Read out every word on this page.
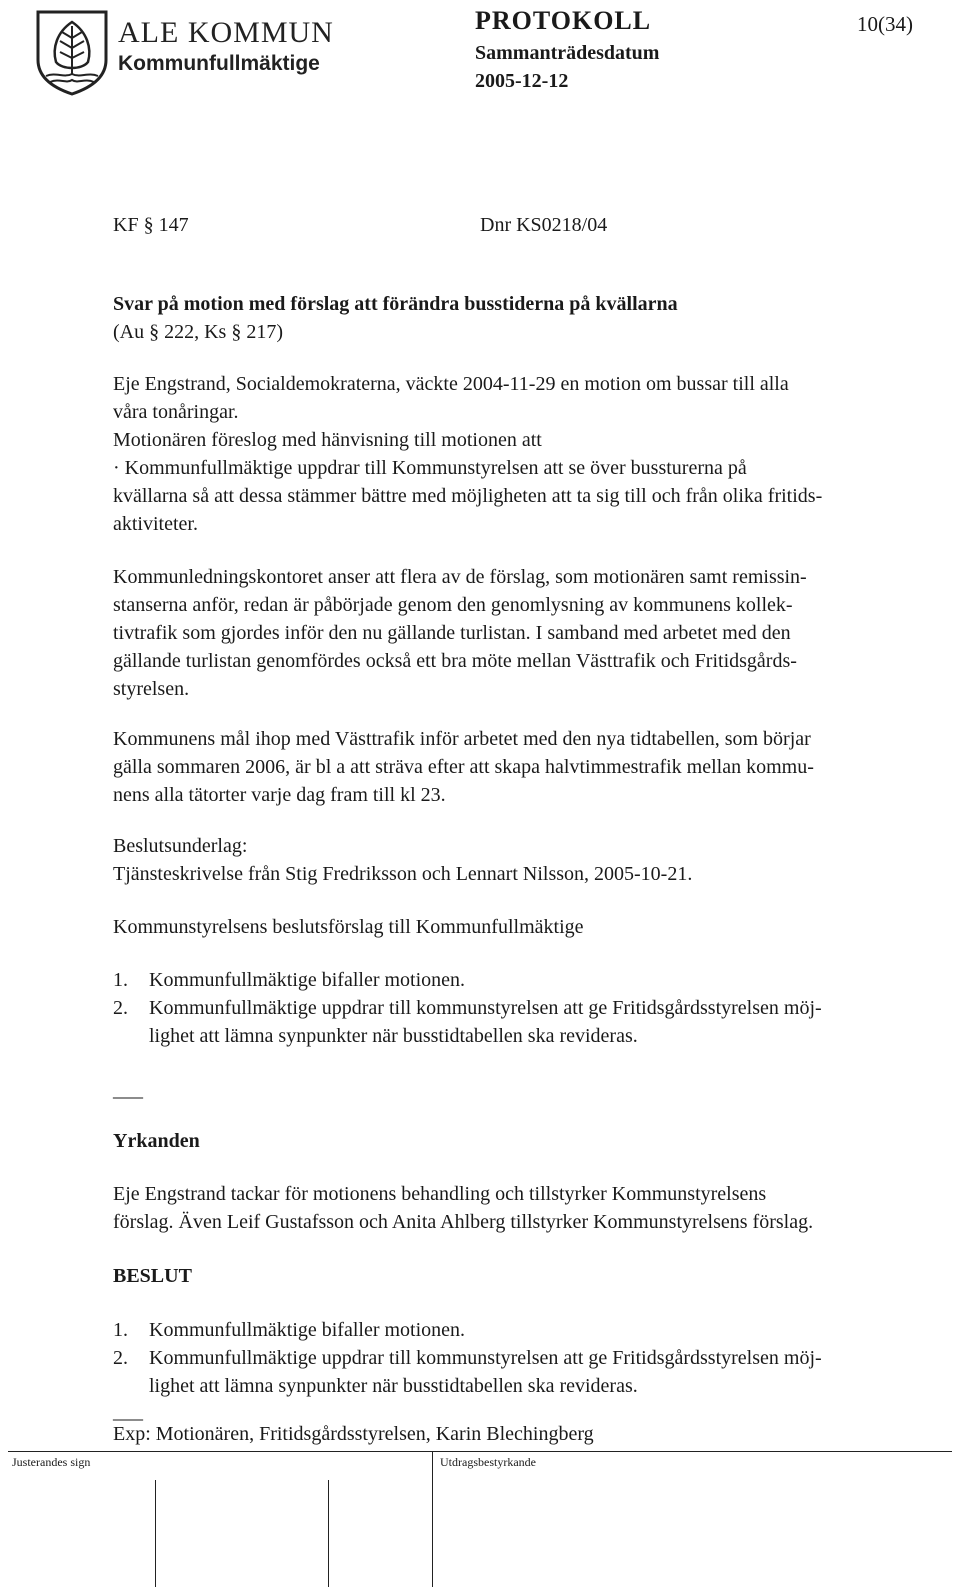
ALE KOMMUN
Kommunfullmäktige
PROTOKOLL	10(34)
Sammanträdesdatum
2005-12-12
KF § 147	Dnr KS0218/04
Svar på motion med förslag att förändra busstiderna på kvällarna
(Au § 222, Ks § 217)
Eje Engstrand, Socialdemokraterna, väckte 2004-11-29 en motion om bussar till alla
våra tonåringar.
Motionären föreslog med hänvisning till motionen att
· Kommunfullmäktige uppdrar till Kommunstyrelsen att se över bussturerna på
kvällarna så att dessa stämmer bättre med möjligheten att ta sig till och från olika fritids-
aktiviteter.
Kommunledningskontoret anser att flera av de förslag, som motionären samt remissin-
stanserna anför, redan är påbörjade genom den genomlysning av kommunens kollek-
tivtrafik som gjordes inför den nu gällande turlistan. I samband med arbetet med den
gällande turlistan genomfördes också ett bra möte mellan Västtrafik och Fritidsgårds-
styrelsen.
Kommunens mål ihop med Västtrafik inför arbetet med den nya tidtabellen, som börjar
gälla sommaren 2006, är bl a att sträva efter att skapa halvtimmestrafik mellan kommu-
nens alla tätorter varje dag fram till kl 23.
Beslutsunderlag:
Tjänsteskrivelse från Stig Fredriksson och Lennart Nilsson, 2005-10-21.
Kommunstyrelsens beslutsförslag till Kommunfullmäktige
1. Kommunfullmäktige bifaller motionen.
2. Kommunfullmäktige uppdrar till kommunstyrelsen att ge Fritidsgårdsstyrelsen möj-
lighet att lämna synpunkter när busstidtabellen ska revideras.
___
Yrkanden
Eje Engstrand tackar för motionens behandling och tillstyrker Kommunstyrelsens
förslag. Även Leif Gustafsson och Anita Ahlberg tillstyrker Kommunstyrelsens förslag.
BESLUT
1. Kommunfullmäktige bifaller motionen.
2. Kommunfullmäktige uppdrar till kommunstyrelsen att ge Fritidsgårdsstyrelsen möj-
lighet att lämna synpunkter när busstidtabellen ska revideras.
___
Exp: Motionären, Fritidsgårdsstyrelsen, Karin Blechingberg
Justerandes sign	Utdragsbestyrkande
